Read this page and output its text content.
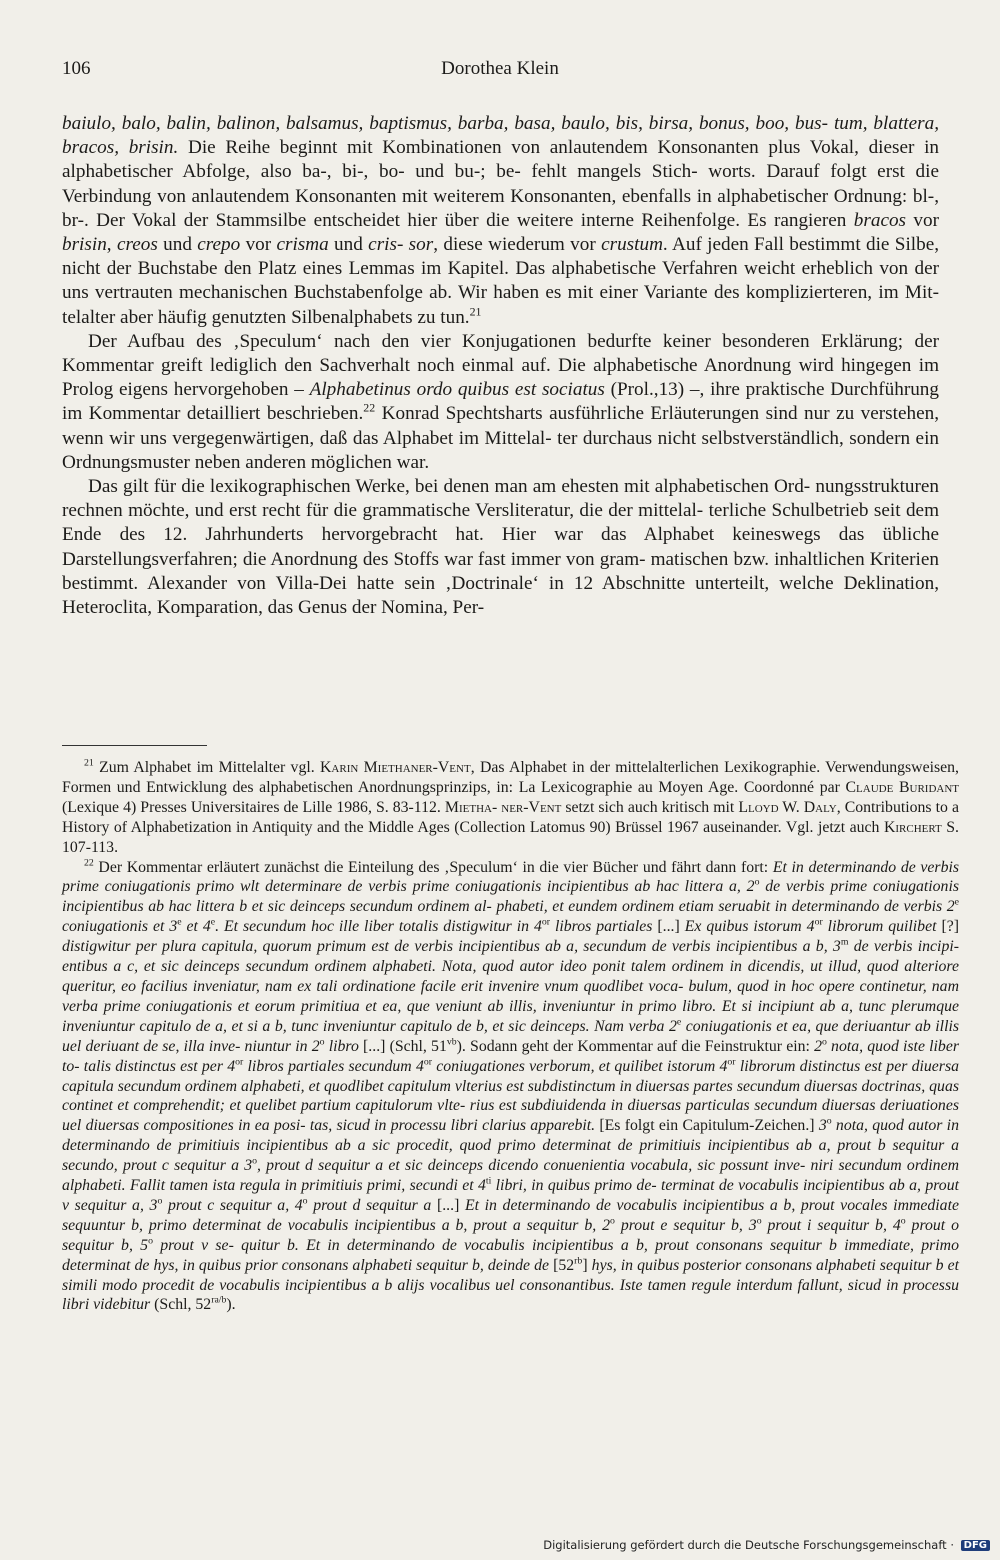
106	Dorothea Klein

baiulo, balo, balin, balinon, balsamus, baptismus, barba, basa, baulo, bis, birsa, bonus, boo, bus- tum, blattera, bracos, brisin. Die Reihe beginnt mit Kombinationen von anlautendem Konsonanten plus Vokal, dieser in alphabetischer Abfolge, also ba-, bi-, bo- und bu-; be- fehlt mangels Stich- worts. Darauf folgt erst die Verbindung von anlautendem Konsonanten mit weiterem Konsonanten, ebenfalls in alphabetischer Ordnung: bl-, br-. Der Vokal der Stammsilbe entscheidet hier über die weitere interne Reihenfolge. Es rangieren bracos vor brisin, creos und crepo vor crisma und cris- sor, diese wiederum vor crustum. Auf jeden Fall bestimmt die Silbe, nicht der Buchstabe den Platz eines Lemmas im Kapitel. Das alphabetische Verfahren weicht erheblich von der uns vertrauten mechanischen Buchstabenfolge ab. Wir haben es mit einer Variante des komplizierteren, im Mit- telalter aber häufig genutzten Silbenalphabets zu tun.$^{21}$

Der Aufbau des ‚Speculum‘ nach den vier Konjugationen bedurfte keiner besonderen Erklärung; der Kommentar greift lediglich den Sachverhalt noch einmal auf. Die alphabetische Anordnung wird hingegen im Prolog eigens hervorgehoben – Alphabetinus ordo quibus est sociatus (Prol.,13) –, ihre praktische Durchführung im Kommentar detailliert beschrieben.$^{22}$ Konrad Spechtsharts ausführliche Erläuterungen sind nur zu verstehen, wenn wir uns vergegenwärtigen, daß das Alphabet im Mittelal- ter durchaus nicht selbstverständlich, sondern ein Ordnungsmuster neben anderen möglichen war.

Das gilt für die lexikographischen Werke, bei denen man am ehesten mit alphabetischen Ord- nungsstrukturen rechnen möchte, und erst recht für die grammatische Versliteratur, die der mittelal- terliche Schulbetrieb seit dem Ende des 12. Jahrhunderts hervorgebracht hat. Hier war das Alphabet keineswegs das übliche Darstellungsverfahren; die Anordnung des Stoffs war fast immer von gram- matischen bzw. inhaltlichen Kriterien bestimmt. Alexander von Villa-Dei hatte sein ‚Doctrinale‘ in 12 Abschnitte unterteilt, welche Deklination, Heteroclita, Komparation, das Genus der Nomina, Per-

$^{21}$ Zum Alphabet im Mittelalter vgl. Karin Miethaner-Vent, Das Alphabet in der mittelalterlichen Lexikographie. Verwendungsweisen, Formen und Entwicklung des alphabetischen Anordnungsprinzips, in: La Lexicographie au Moyen Age. Coordonné par Claude Buridant (Lexique 4) Presses Universitaires de Lille 1986, S. 83-112. Mietha- ner-Vent setzt sich auch kritisch mit Lloyd W. Daly, Contributions to a History of Alphabetization in Antiquity and the Middle Ages (Collection Latomus 90) Brüssel 1967 auseinander. Vgl. jetzt auch Kirchert S. 107-113.

$^{22}$ Der Kommentar erläutert zunächst die Einteilung des ‚Speculum‘ in die vier Bücher und fährt dann fort: Et in determinando de verbis prime coniugationis primo wlt determinare de verbis prime coniugationis incipientibus ab hac littera a, 2$^o$ de verbis prime coniugationis incipientibus ab hac littera b et sic deinceps secundum ordinem al- phabeti, et eundem ordinem etiam seruabit in determinando de verbis 2e coniugationis et 3e et 4e. Et secundum hoc ille liber totalis distigwitur in $4^{or}$ libros partiales [...] Ex quibus istorum $4^{or}$ librorum quilibet [?] distigwitur per plura capitula, quorum primum est de verbis incipientibus ab a, secundum de verbis incipientibus a b, 3$^m$ de verbis incipi- entibus a c, et sic deinceps secundum ordinem alphabeti. Nota, quod autor ideo ponit talem ordinem in dicendis, ut illud, quod alteriore queritur, eo facilius inveniatur, nam ex tali ordinatione facile erit invenire vnum quodlibet voca- bulum, quod in hoc opere continetur, nam verba prime coniugationis et eorum primitiua et ea, que veniunt ab illis, inveniuntur in primo libro. Et si incipiunt ab a, tunc plerumque inveniuntur capitulo de a, et si a b, tunc inveniuntur capitulo de b, et sic deinceps. Nam verba 2e coniugationis et ea, que deriuantur ab illis uel deriuant de se, illa inve- niuntur in 2$^o$ libro [...] (Schl, $51^{vb}$). Sodann geht der Kommentar auf die Feinstruktur ein: 2$^o$ nota, quod iste liber to- talis distinctus est per $4^{or}$ libros partiales secundum $4^{or}$ coniugationes verborum, et quilibet istorum $4^{or}$ librorum distinctus est per diuersa capitula secundum ordinem alphabeti, et quodlibet capitulum vlterius est subdistinctum in diuersas partes secundum diuersas doctrinas, quas continet et comprehendit; et quelibet partium capitulorum vlte- rius est subdiuidenda in diuersas particulas secundum diuersas deriuationes uel diuersas compositiones in ea posi- tas, sicud in processu libri clarius apparebit. [Es folgt ein Capitulum-Zeichen.] 3$^o$ nota, quod autor in determinando de primitiuis incipientibus ab a sic procedit, quod primo determinat de primitiuis incipientibus ab a, prout b sequitur a secundo, prout c sequitur a 3$^o$, prout d sequitur a et sic deinceps dicendo conuenientia vocabula, sic possunt inve- niri secundum ordinem alphabeti. Fallit tamen ista regula in primitiuis primi, secundi et $4^{ti}$ libri, in quibus primo de- terminat de vocabulis incipientibus ab a, prout v sequitur a, 3$^o$ prout c sequitur a, 4$^o$ prout d sequitur a [...] Et in determinando de vocabulis incipientibus a b, prout vocales immediate sequuntur b, primo determinat de vocabulis incipientibus a b, prout a sequitur b, 2$^o$ prout e sequitur b, 3$^o$ prout i sequitur b, 4$^o$ prout o sequitur b, 5$^o$ prout v se- quitur b. Et in determinando de vocabulis incipientibus a b, prout consonans sequitur b immediate, primo determinat de hys, in quibus prior consonans alphabeti sequitur b, deinde de $[52^{rb}]$ hys, in quibus posterior consonans alphabeti sequitur b et simili modo procedit de vocabulis incipientibus a b alijs vocalibus uel consonantibus. Iste tamen regule interdum fallunt, sicud in processu libri videbitur (Schl, $52^{ra/b}$).

Digitalisierung gefördert durch die Deutsche Forschungsgemeinschaft · DFG
